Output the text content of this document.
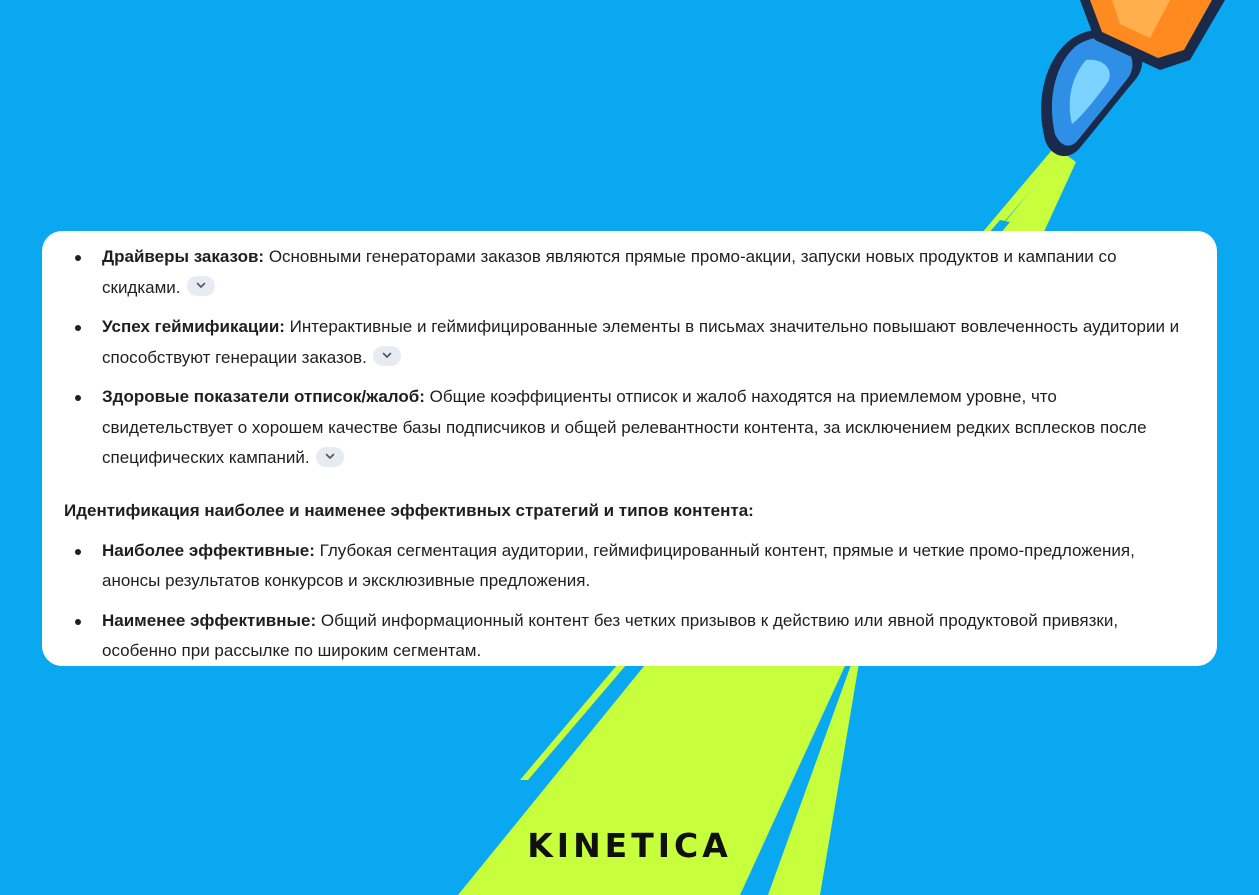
Драйверы заказов: Основными генераторами заказов являются прямые промо-акции, запуски новых продуктов и кампании со скидками.
Успех геймификации: Интерактивные и геймифицированные элементы в письмах значительно повышают вовлеченность аудитории и способствуют генерации заказов.
Здоровые показатели отписок/жалоб: Общие коэффициенты отписок и жалоб находятся на приемлемом уровне, что свидетельствует о хорошем качестве базы подписчиков и общей релевантности контента, за исключением редких всплесков после специфических кампаний.
Идентификация наиболее и наименее эффективных стратегий и типов контента:
Наиболее эффективные: Глубокая сегментация аудитории, геймифицированный контент, прямые и четкие промо-предложения, анонсы результатов конкурсов и эксклюзивные предложения.
Наименее эффективные: Общий информационный контент без четких призывов к действию или явной продуктовой привязки, особенно при рассылке по широким сегментам.
KINETICA
